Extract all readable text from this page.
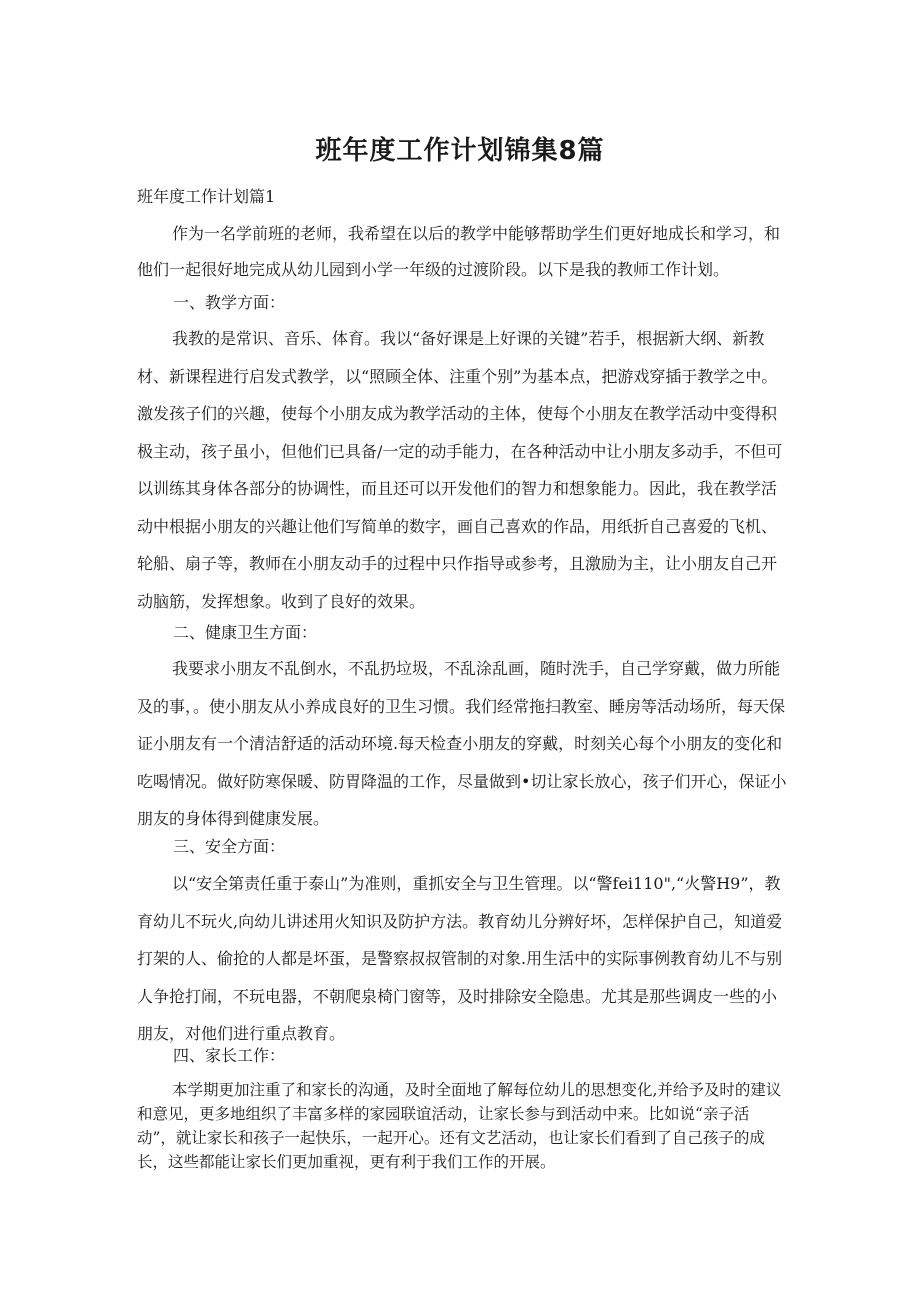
班年度工作计划锦集8篇
班年度工作计划篇1
作为一名学前班的老师，我希望在以后的教学中能够帮助学生们更好地成长和学习，和他们一起很好地完成从幼儿园到小学一年级的过渡阶段。以下是我的教师工作计划。
一、教学方面：
我教的是常识、音乐、体育。我以“备好课是上好课的关键”若手，根据新大纲、新教材、新课程进行启发式教学，以“照顾全体、注重个别”为基本点，把游戏穿插于教学之中。激发孩子们的兴趣，使每个小朋友成为教学活动的主体，使每个小朋友在教学活动中变得积极主动，孩子虽小，但他们已具备/一定的动手能力，在各种活动中让小朋友多动手，不但可以训练其身体各部分的协调性，而且还可以开发他们的智力和想象能力。因此，我在教学活动中根据小朋友的兴趣让他们写简单的数字，画自己喜欢的作品，用纸折自己喜爱的飞机、轮船、扇子等，教师在小朋友动手的过程中只作指导或参考，且激励为主，让小朋友自己开动脑筋，发挥想象。收到了良好的效果。
二、健康卫生方面：
我要求小朋友不乱倒水，不乱扔垃圾，不乱涂乱画，随时洗手，自己学穿戴，做力所能及的事，。使小朋友从小养成良好的卫生习惯。我们经常拖扫教室、睡房等活动场所，每天保证小朋友有一个清洁舒适的活动环境.每天检查小朋友的穿戴，时刻关心每个小朋友的变化和吃喝情况。做好防寒保暖、防胃降温的工作，尽量做到•切让家长放心，孩子们开心，保证小朋友的身体得到健康发展。
三、安全方面：
以“安全第责任重于泰山”为准则，重抓安全与卫生管理。以“警fei110",“火警H9”，教育幼儿不玩火,向幼儿讲述用火知识及防护方法。教育幼儿分辨好坏，怎样保护自己，知道爱打架的人、偷抢的人都是坏蛋，是警察叔叔管制的对象.用生活中的实际事例教育幼儿不与别人争抢打闹，不玩电器，不朝爬泉椅门窗等，及时排除安全隐患。尤其是那些调皮一些的小朋友，对他们进行重点教育。
四、家长工作：
本学期更加注重了和家长的沟通，及时全面地了解每位幼儿的思想变化,并给予及时的建议和意见，更多地组织了丰富多样的家园联谊活动，让家长参与到活动中来。比如说“亲子活动”，就让家长和孩子一起快乐，一起开心。还有文艺活动，也让家长们看到了自己孩子的成长，这些都能让家长们更加重视，更有利于我们工作的开展。
